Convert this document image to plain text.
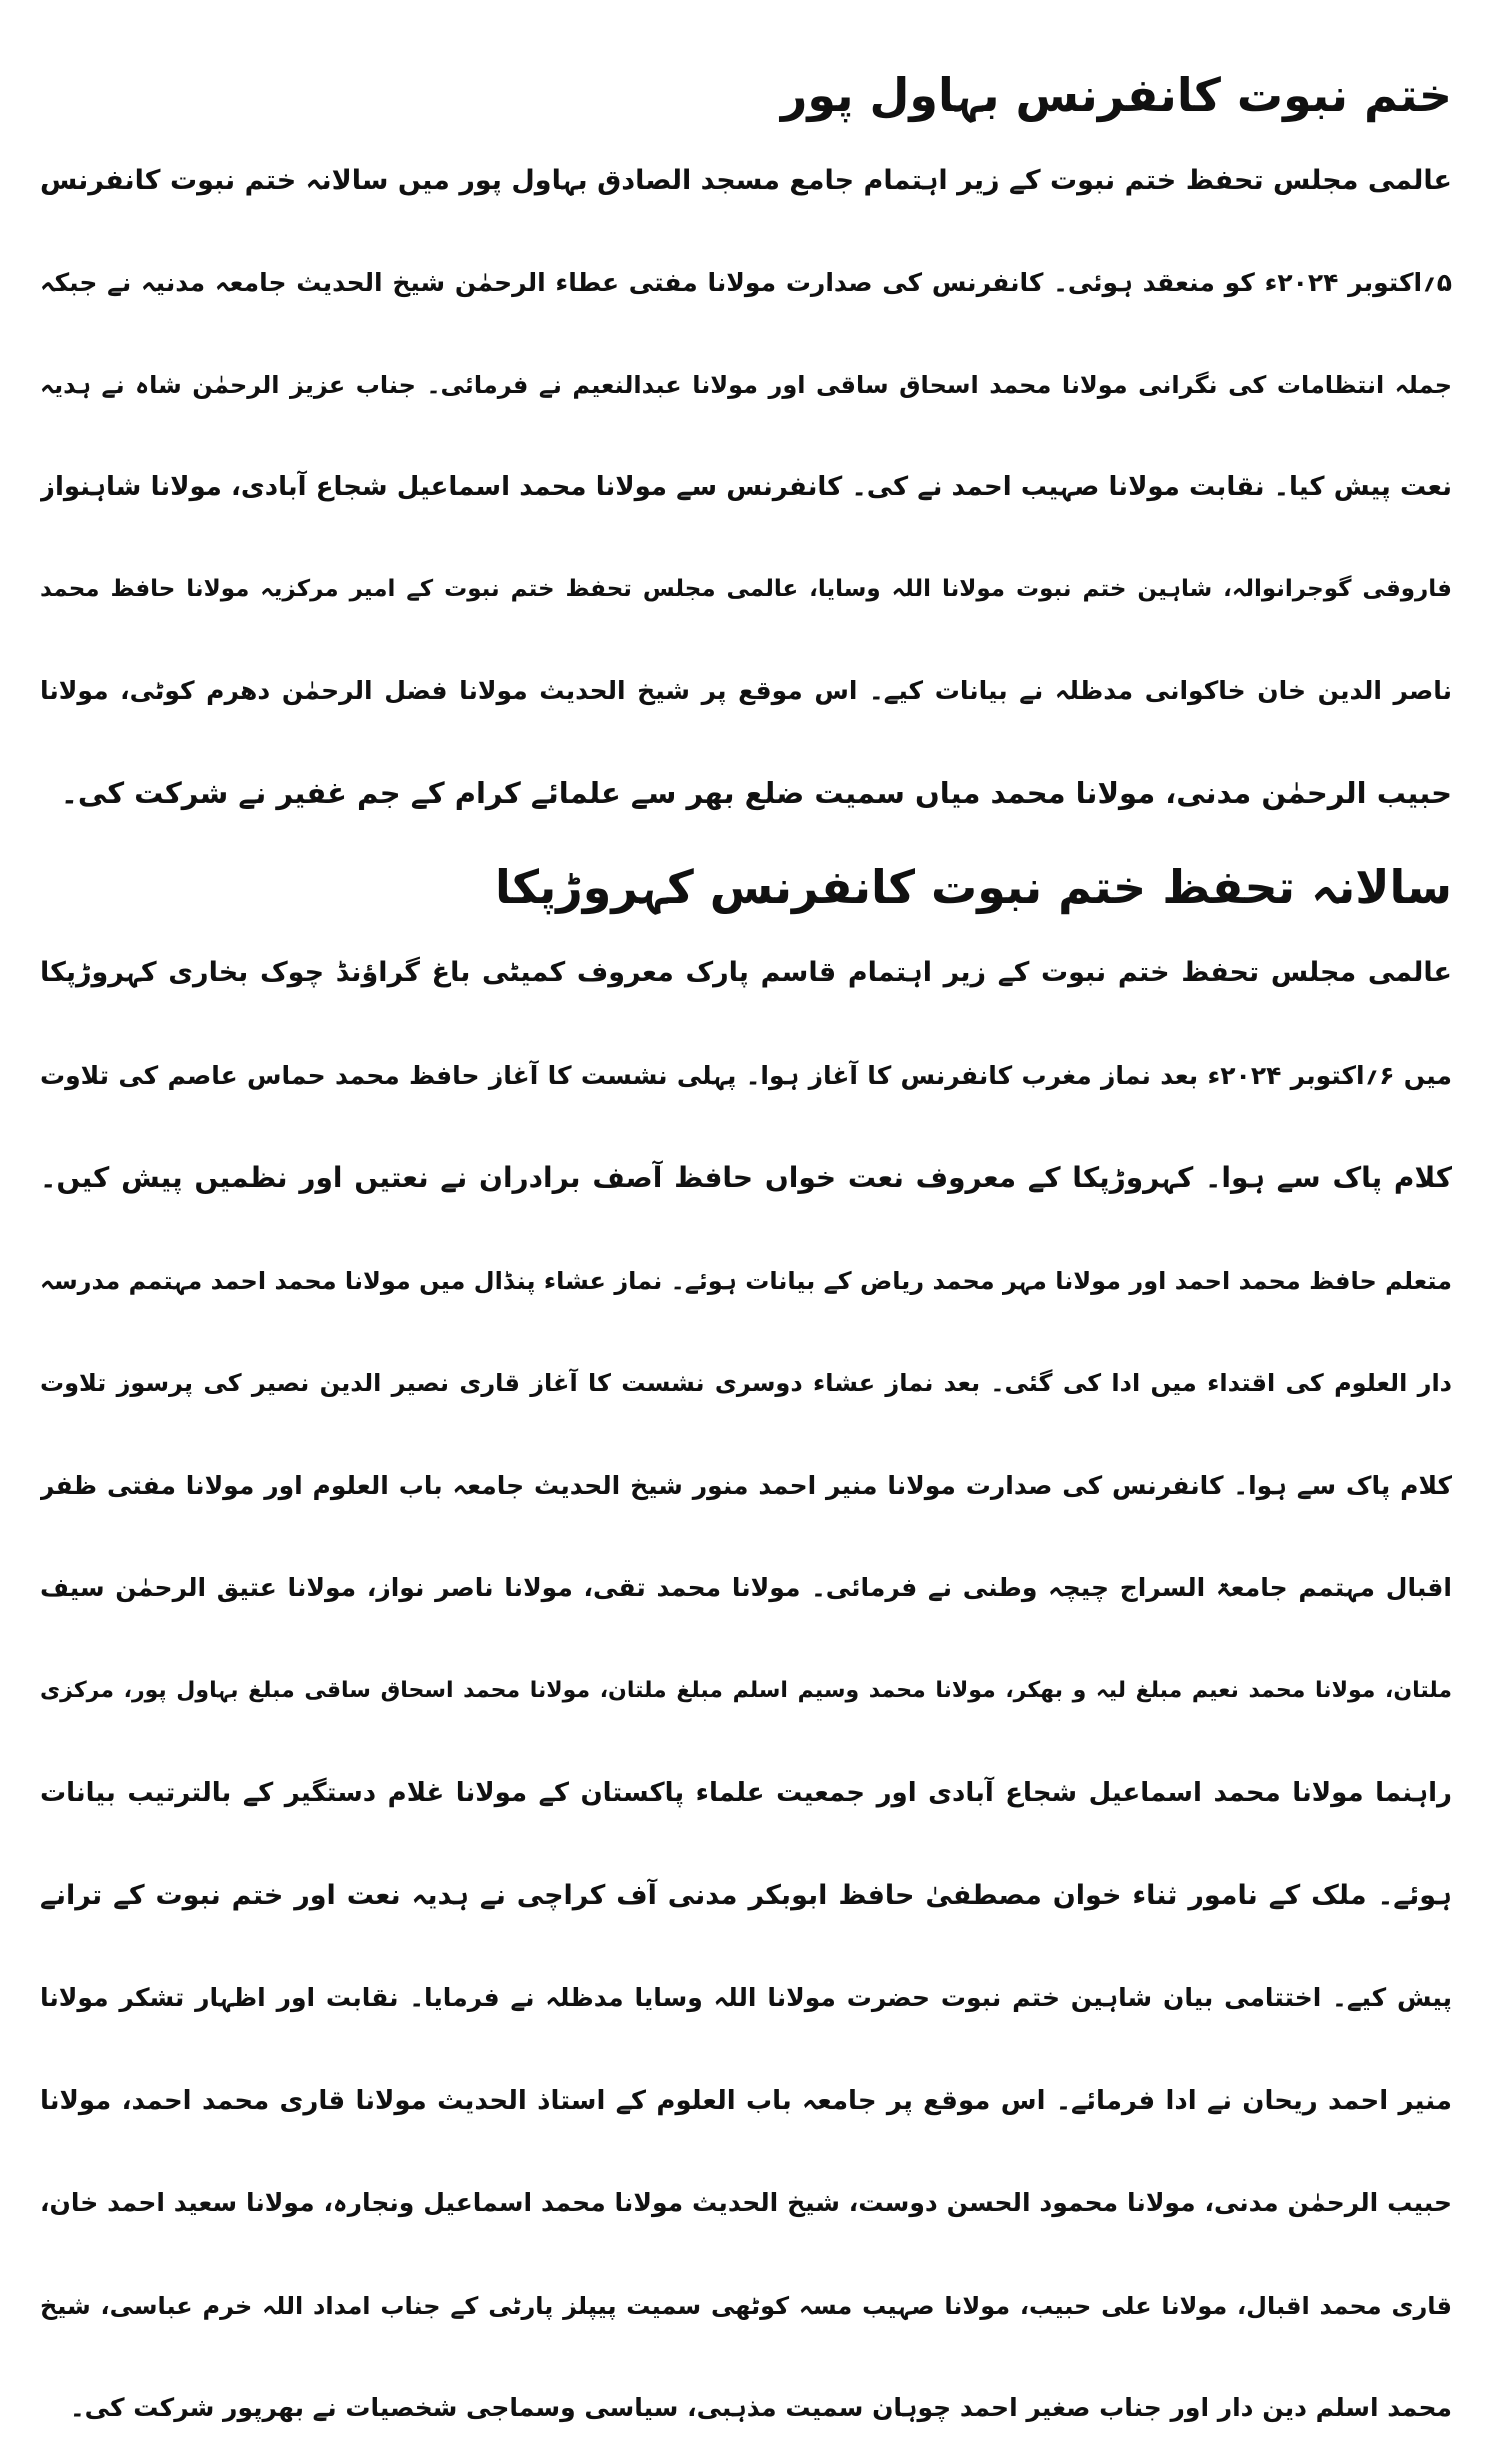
ختم نبوت کانفرنس بہاول پور
عالمی مجلس تحفظ ختم نبوت کے زیر اہتمام جامع مسجد الصادق بہاول پور میں سالانہ ختم نبوت کانفرنس
۵؍اکتوبر ۲۰۲۴ء کو منعقد ہوئی۔ کانفرنس کی صدارت مولانا مفتی عطاء الرحمٰن شیخ الحدیث جامعہ مدنیہ نے جبکہ
جملہ انتظامات کی نگرانی مولانا محمد اسحاق ساقی اور مولانا عبدالنعیم نے فرمائی۔ جناب عزیز الرحمٰن شاہ نے ہدیہ
نعت پیش کیا۔ نقابت مولانا صہیب احمد نے کی۔ کانفرنس سے مولانا محمد اسماعیل شجاع آبادی، مولانا شاہنواز
فاروقی گوجرانوالہ، شاہین ختم نبوت مولانا اللہ وسایا، عالمی مجلس تحفظ ختم نبوت کے امیر مرکزیہ مولانا حافظ محمد
ناصر الدین خان خاکوانی مدظلہ نے بیانات کیے۔ اس موقع پر شیخ الحدیث مولانا فضل الرحمٰن دھرم کوٹی، مولانا
حبیب الرحمٰن مدنی، مولانا محمد میاں سمیت ضلع بھر سے علمائے کرام کے جم غفیر نے شرکت کی۔
سالانہ تحفظ ختم نبوت کانفرنس کہروڑپکا
عالمی مجلس تحفظ ختم نبوت کے زیر اہتمام قاسم پارک معروف کمیٹی باغ گراؤنڈ چوک بخاری کہروڑپکا
میں ۶؍اکتوبر ۲۰۲۴ء بعد نماز مغرب کانفرنس کا آغاز ہوا۔ پہلی نشست کا آغاز حافظ محمد حماس عاصم کی تلاوت
کلام پاک سے ہوا۔ کہروڑپکا کے معروف نعت خواں حافظ آصف برادران نے نعتیں اور نظمیں پیش کیں۔
متعلم حافظ محمد احمد اور مولانا مہر محمد ریاض کے بیانات ہوئے۔ نماز عشاء پنڈال میں مولانا محمد احمد مہتمم مدرسہ
دار العلوم کی اقتداء میں ادا کی گئی۔ بعد نماز عشاء دوسری نشست کا آغاز قاری نصیر الدین نصیر کی پرسوز تلاوت
کلام پاک سے ہوا۔ کانفرنس کی صدارت مولانا منیر احمد منور شیخ الحدیث جامعہ باب العلوم اور مولانا مفتی ظفر
اقبال مہتمم جامعۃ السراج چیچہ وطنی نے فرمائی۔ مولانا محمد تقی، مولانا ناصر نواز، مولانا عتیق الرحمٰن سیف
ملتان، مولانا محمد نعیم مبلغ لیہ و بھکر، مولانا محمد وسیم اسلم مبلغ ملتان، مولانا محمد اسحاق ساقی مبلغ بہاول پور، مرکزی
راہنما مولانا محمد اسماعیل شجاع آبادی اور جمعیت علماء پاکستان کے مولانا غلام دستگیر کے بالترتیب بیانات
ہوئے۔ ملک کے نامور ثناء خوان مصطفیٰ حافظ ابوبکر مدنی آف کراچی نے ہدیہ نعت اور ختم نبوت کے ترانے
پیش کیے۔ اختتامی بیان شاہین ختم نبوت حضرت مولانا اللہ وسایا مدظلہ نے فرمایا۔ نقابت اور اظہار تشکر مولانا
منیر احمد ریحان نے ادا فرمائے۔ اس موقع پر جامعہ باب العلوم کے استاذ الحدیث مولانا قاری محمد احمد، مولانا
حبیب الرحمٰن مدنی، مولانا محمود الحسن دوست، شیخ الحدیث مولانا محمد اسماعیل ونجارہ، مولانا سعید احمد خان،
قاری محمد اقبال، مولانا علی حبیب، مولانا صہیب مسہ کوٹھی سمیت پیپلز پارٹی کے جناب امداد اللہ خرم عباسی، شیخ
محمد اسلم دین دار اور جناب صغیر احمد چوہان سمیت مذہبی، سیاسی وسماجی شخصیات نے بھرپور شرکت کی۔
